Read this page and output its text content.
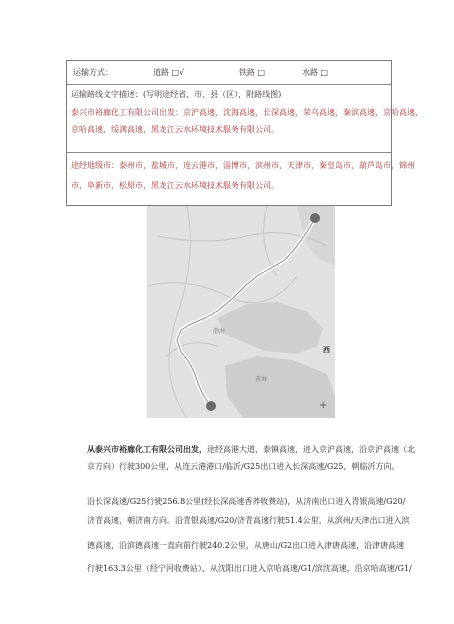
运输方式：	道路 □√	铁路 □	水路 □
运输路线文字描述：(写明途经省、市、县（区），附路线图)
泰兴市裕廊化工有限公司出发：京沪高速，沈海高速，长深高速，荣乌高速，秦滨高速，京哈高速，
京哈高速，绥满高速，黑龙江云水环境技术服务有限公司。
途经地级市：泰州市，盐城市，连云港市，淄博市，滨州市，天津市，秦皇岛市，葫芦岛市，锦州
市，阜新市，松原市，黑龙江云水环境技术服务有限公司。
渤海
黄海
西
+
从泰兴市裕廊化工有限公司出发，途经高港大道，泰镇高速，进入京沪高速，沿京沪高速（北
京方向）行驶300公里，从连云港港口/临沂/G25出口进入长深高速/G25，朝临沂方向。
沿长深高速/G25行驶256.8公里(经长深高速香荞收费站)，从济南出口进入青银高速/G20/
济青高速，朝济南方向。沿青银高速/G20/济青高速行驶51.4公里，从滨州/天津出口进入滨
德高速，沿滨德高速一直向前行驶240.2公里，从唐山/G2出口进入津唐高速，沿津唐高速
行驶163.3公里（经宁河收费站），从沈阳出口进入京哈高速/G1/滨沈高速，沿京哈高速/G1/
